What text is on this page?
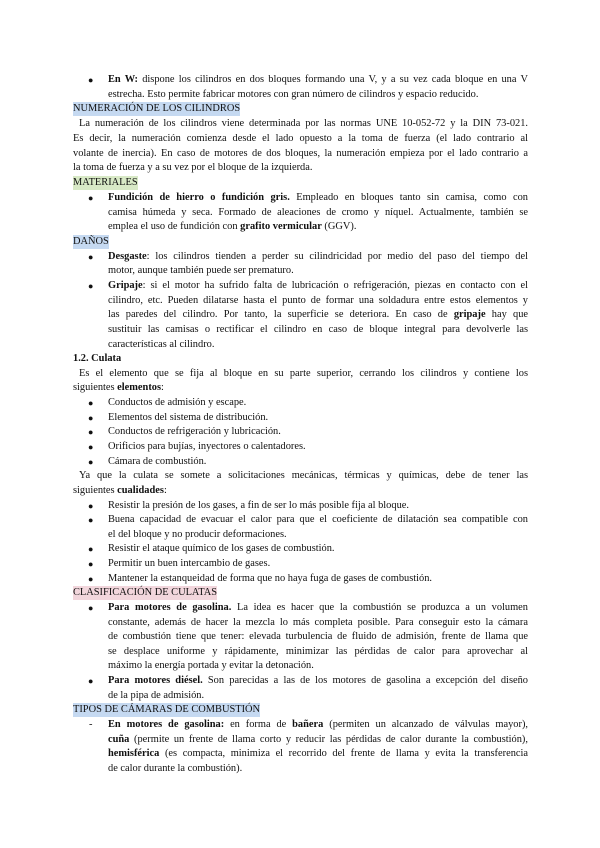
● En W: dispone los cilindros en dos bloques formando una V, y a su vez cada bloque en una V
estrecha. Esto permite fabricar motores con gran número de cilindros y espacio reducido.
NUMERACIÓN DE LOS CILINDROS
La numeración de los cilindros viene determinada por las normas UNE 10-052-72 y la DIN 73-021.
Es decir, la numeración comienza desde el lado opuesto a la toma de fuerza (el lado contrario al
volante de inercia). En caso de motores de dos bloques, la numeración empieza por el lado contrario a
la toma de fuerza y a su vez por el bloque de la izquierda.
MATERIALES
● Fundición de hierro o fundición gris. Empleado en bloques tanto sin camisa, como con
camisa húmeda y seca. Formado de aleaciones de cromo y níquel. Actualmente, también se
emplea el uso de fundición con grafito vermicular (GGV).
DAÑOS
● Desgaste: los cilindros tienden a perder su cilindricidad por medio del paso del tiempo del
motor, aunque también puede ser prematuro.
● Gripaje: si el motor ha sufrido falta de lubricación o refrigeración, piezas en contacto con el
cilindro, etc. Pueden dilatarse hasta el punto de formar una soldadura entre estos elementos y
las paredes del cilindro. Por tanto, la superficie se deteriora. En caso de gripaje hay que
sustituir las camisas o rectificar el cilindro en caso de bloque integral para devolverle las
características al cilindro.
1.2. Culata
Es el elemento que se fija al bloque en su parte superior, cerrando los cilindros y contiene los
siguientes elementos:
● Conductos de admisión y escape.
● Elementos del sistema de distribución.
● Conductos de refrigeración y lubricación.
● Orificios para bujías, inyectores o calentadores.
● Cámara de combustión.
Ya que la culata se somete a solicitaciones mecánicas, térmicas y químicas, debe de tener las
siguientes cualidades:
● Resistir la presión de los gases, a fin de ser lo más posible fija al bloque.
● Buena capacidad de evacuar el calor para que el coeficiente de dilatación sea compatible con
el del bloque y no producir deformaciones.
● Resistir el ataque químico de los gases de combustión.
● Permitir un buen intercambio de gases.
● Mantener la estanqueidad de forma que no haya fuga de gases de combustión.
CLASIFICACIÓN DE CULATAS
● Para motores de gasolina. La idea es hacer que la combustión se produzca a un volumen
constante, además de hacer la mezcla lo más completa posible. Para conseguir esto la cámara
de combustión tiene que tener: elevada turbulencia de fluido de admisión, frente de llama que
se desplace uniforme y rápidamente, minimizar las pérdidas de calor para aprovechar al
máximo la energía portada y evitar la detonación.
● Para motores diésel. Son parecidas a las de los motores de gasolina a excepción del diseño
de la pipa de admisión.
TIPOS DE CÁMARAS DE COMBUSTIÓN
- En motores de gasolina: en forma de bañera (permiten un alcanzado de válvulas mayor),
cuña (permite un frente de llama corto y reducir las pérdidas de calor durante la combustión),
hemisférica (es compacta, minimiza el recorrido del frente de llama y evita la transferencia
de calor durante la combustión).
